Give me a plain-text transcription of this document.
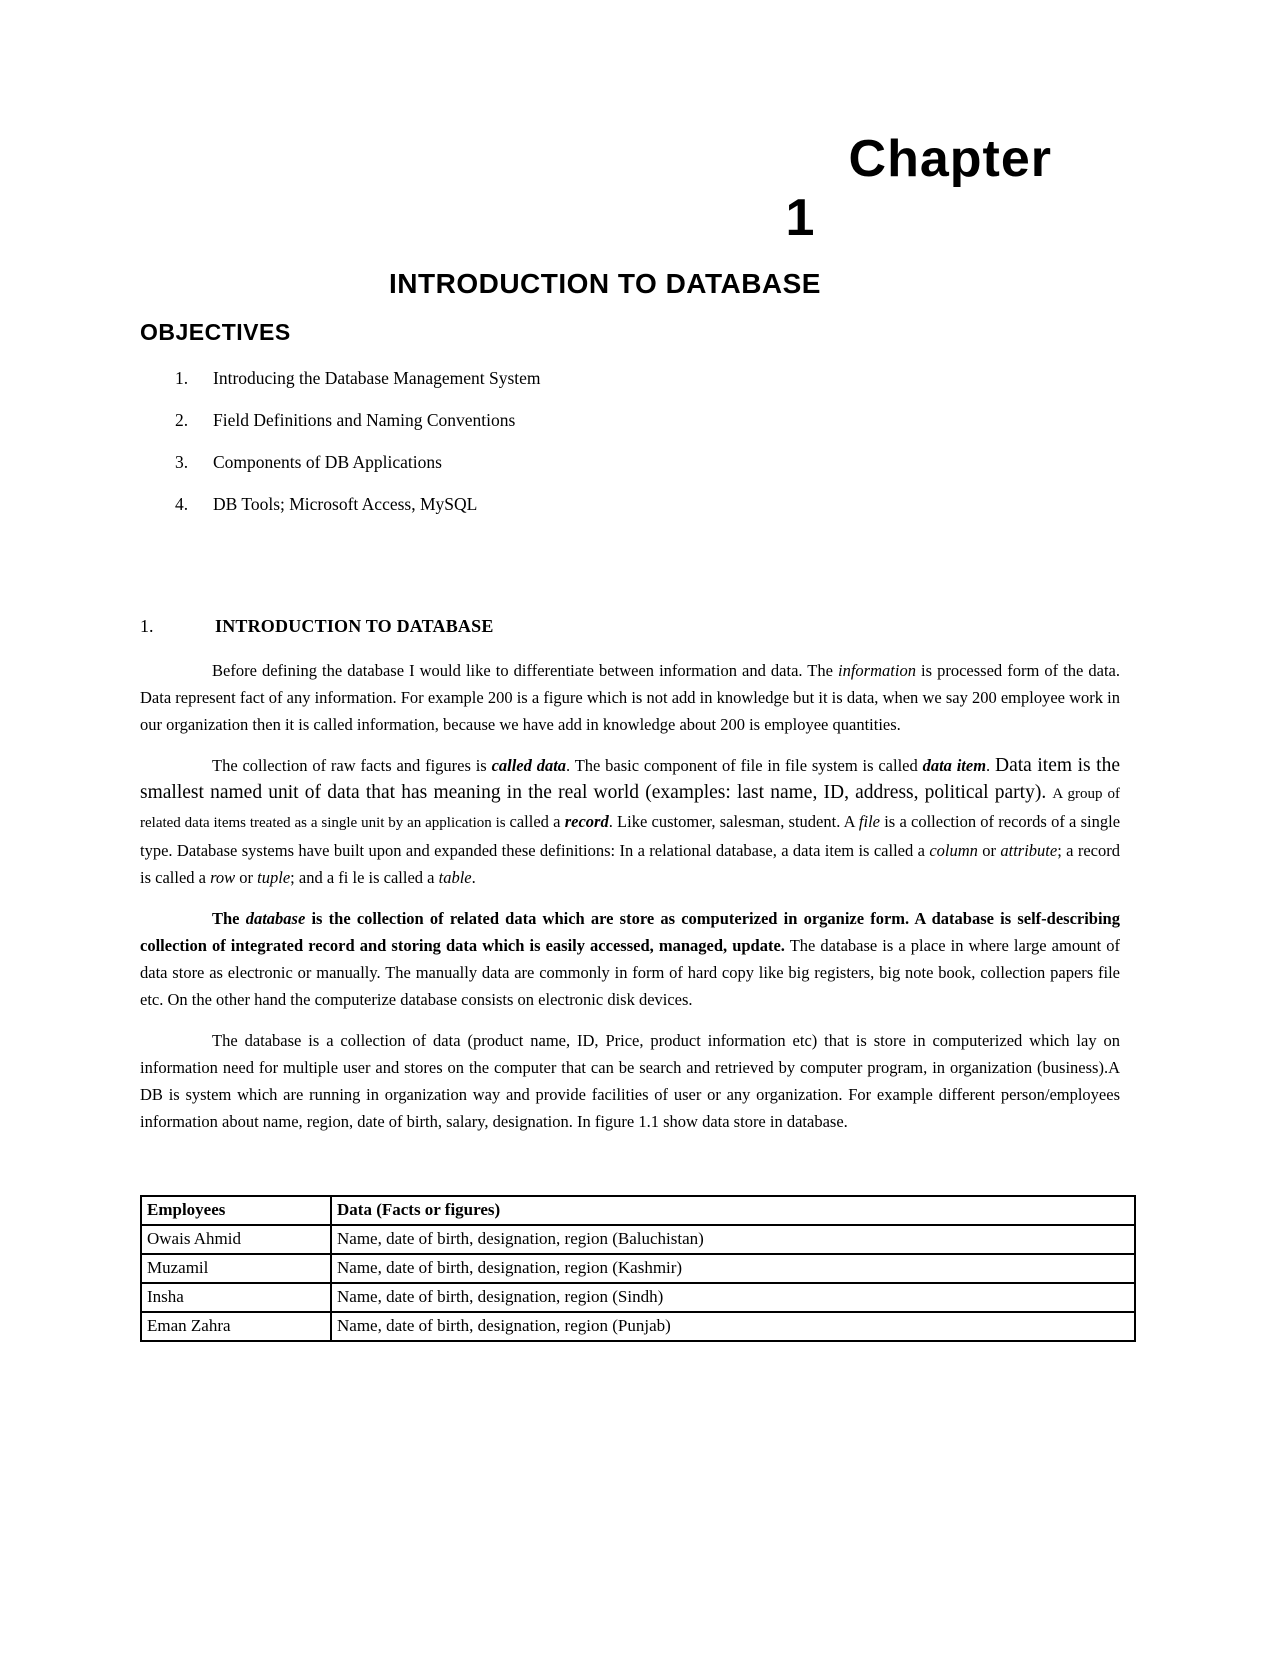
Chapter
1
INTRODUCTION TO DATABASE
OBJECTIVES
1.	Introducing the Database Management System
2.	Field Definitions and Naming Conventions
3.	Components of DB Applications
4.	DB Tools; Microsoft Access, MySQL
1.	INTRODUCTION TO DATABASE

Before defining the database I would like to differentiate between information and data. The information is processed form of the data. Data represent fact of any information. For example 200 is a figure which is not add in knowledge but it is data, when we say 200 employee work in our organization then it is called information, because we have add in knowledge about 200 is employee quantities.

The collection of raw facts and figures is called data. The basic component of file in file system is called data item. Data item is the smallest named unit of data that has meaning in the real world (examples: last name, ID, address, political party). A group of related data items treated as a single unit by an application is called a record. Like customer, salesman, student. A file is a collection of records of a single type. Database systems have built upon and expanded these definitions: In a relational database, a data item is called a column or attribute; a record is called a row or tuple; and a fi le is called a table.

The database is the collection of related data which are store as computerized in organize form. A database is self-describing collection of integrated record and storing data which is easily accessed, managed, update. The database is a place in where large amount of data store as electronic or manually. The manually data are commonly in form of hard copy like big registers, big note book, collection papers file etc. On the other hand the computerize database consists on electronic disk devices.

The database is a collection of data (product name, ID, Price, product information etc) that is store in computerized which lay on information need for multiple user and stores on the computer that can be search and retrieved by computer program, in organization (business).A DB is system which are running in organization way and provide facilities of user or any organization. For example different person/employees information about name, region, date of birth, salary, designation. In figure 1.1 show data store in database.

Employees	Data (Facts or figures)
Owais Ahmid	Name, date of birth, designation, region (Baluchistan)
Muzamil	Name, date of birth, designation, region (Kashmir)
Insha	Name, date of birth, designation, region (Sindh)
Eman Zahra	Name, date of birth, designation, region (Punjab)
